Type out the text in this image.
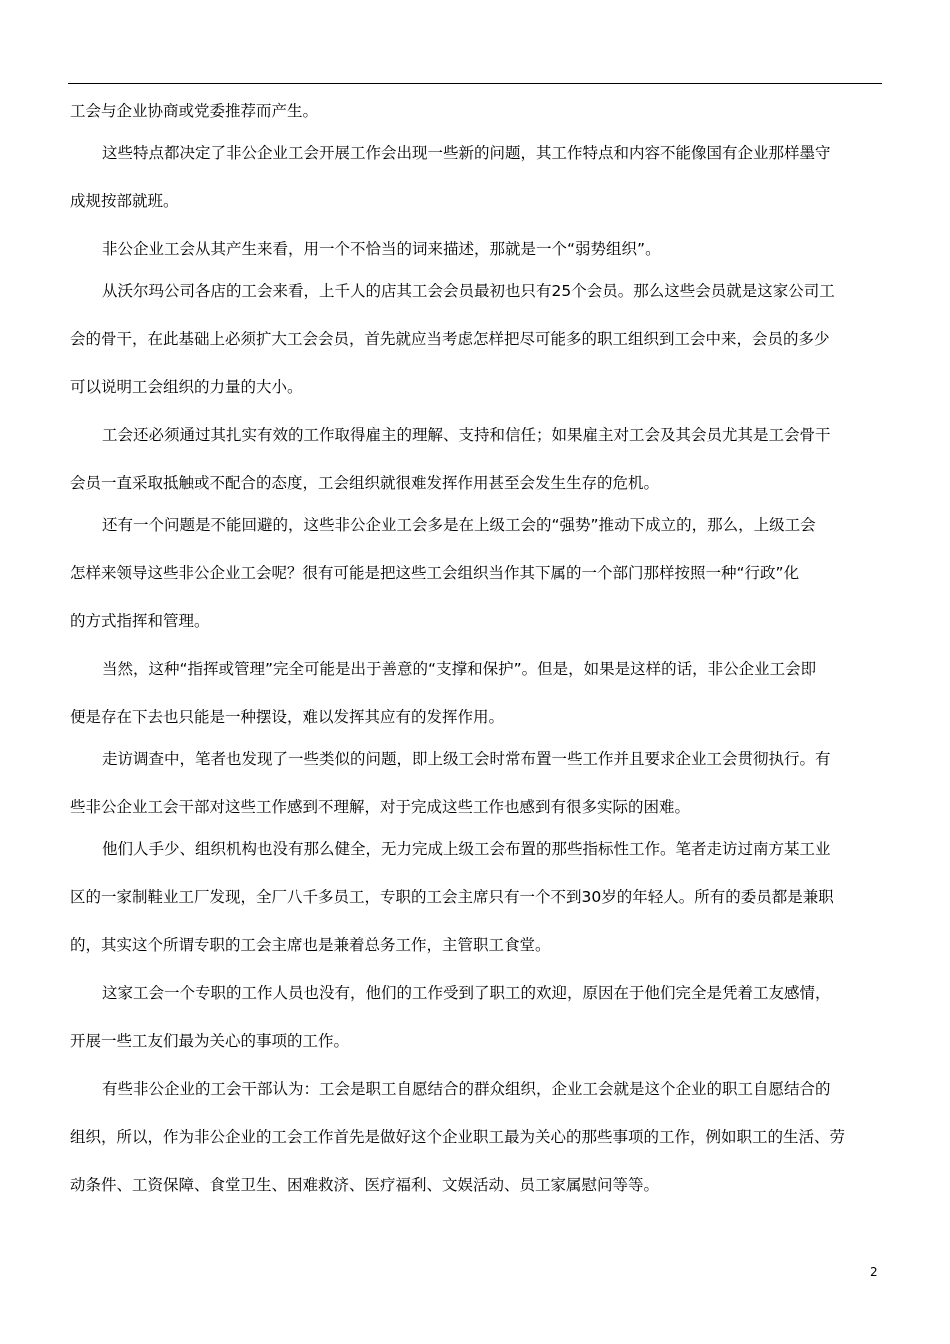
工会与企业协商或党委推荐而产生。
这些特点都决定了非公企业工会开展工作会出现一些新的问题，其工作特点和内容不能像国有企业那样墨守
成规按部就班。
非公企业工会从其产生来看，用一个不恰当的词来描述，那就是一个“弱势组织”。
从沃尔玛公司各店的工会来看，上千人的店其工会会员最初也只有25个会员。那么这些会员就是这家公司工
会的骨干，在此基础上必须扩大工会会员，首先就应当考虑怎样把尽可能多的职工组织到工会中来，会员的多少
可以说明工会组织的力量的大小。
工会还必须通过其扎实有效的工作取得雇主的理解、支持和信任；如果雇主对工会及其会员尤其是工会骨干
会员一直采取抵触或不配合的态度，工会组织就很难发挥作用甚至会发生生存的危机。
还有一个问题是不能回避的，这些非公企业工会多是在上级工会的“强势”推动下成立的，那么，上级工会
怎样来领导这些非公企业工会呢？很有可能是把这些工会组织当作其下属的一个部门那样按照一种“行政”化
的方式指挥和管理。
当然，这种“指挥或管理”完全可能是出于善意的“支撑和保护”。但是，如果是这样的话，非公企业工会即
便是存在下去也只能是一种摆设，难以发挥其应有的发挥作用。
走访调查中，笔者也发现了一些类似的问题，即上级工会时常布置一些工作并且要求企业工会贯彻执行。有
些非公企业工会干部对这些工作感到不理解，对于完成这些工作也感到有很多实际的困难。
他们人手少、组织机构也没有那么健全，无力完成上级工会布置的那些指标性工作。笔者走访过南方某工业
区的一家制鞋业工厂发现，全厂八千多员工，专职的工会主席只有一个不到30岁的年轻人。所有的委员都是兼职
的，其实这个所谓专职的工会主席也是兼着总务工作，主管职工食堂。
这家工会一个专职的工作人员也没有，他们的工作受到了职工的欢迎，原因在于他们完全是凭着工友感情，
开展一些工友们最为关心的事项的工作。
有些非公企业的工会干部认为：工会是职工自愿结合的群众组织，企业工会就是这个企业的职工自愿结合的
组织，所以，作为非公企业的工会工作首先是做好这个企业职工最为关心的那些事项的工作，例如职工的生活、劳
动条件、工资保障、食堂卫生、困难救济、医疗福利、文娱活动、员工家属慰问等等。
2
